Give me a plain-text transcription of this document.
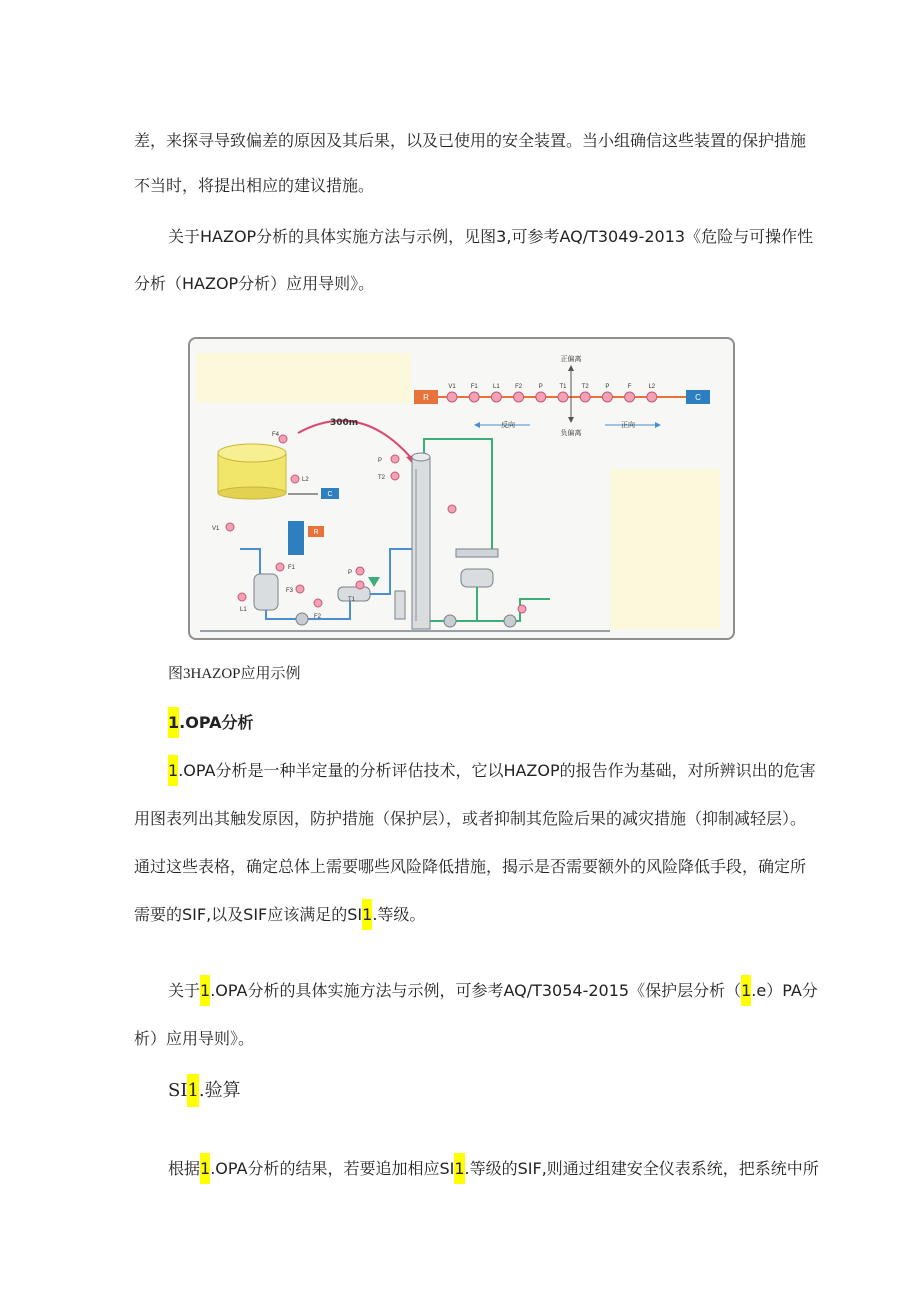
差，来探寻导致偏差的原因及其后果，以及已使用的安全装置。当小组确信这些装置的保护措施
不当时，将提出相应的建议措施。
关于HAZOP分析的具体实施方法与示例，见图3,可参考AQ/T3049-2013《危险与可操作性
分析（HAZOP分析）应用导则》。
R
V1	F1	L1	F2	P	T1	T2	P	F	L2
C
正偏离
负偏离
反向	正向
300m
F4
L2
C
P
T2
V1	R
F1
L1
F2
P
T1
F3
图3HAZOP应用示例
1.OPA分析
1.OPA分析是一种半定量的分析评估技术，它以HAZOP的报告作为基础，对所辨识出的危害
用图表列出其触发原因，防护措施（保护层），或者抑制其危险后果的减灾措施（抑制减轻层）。
通过这些表格，确定总体上需要哪些风险降低措施，揭示是否需要额外的风险降低手段，确定所
需要的SIF,以及SIF应该满足的SI1.等级。
关于1.OPA分析的具体实施方法与示例，可参考AQ/T3054-2015《保护层分析（1.e）PA分
析）应用导则》。
SI1.验算
根据1.OPA分析的结果，若要追加相应SI1.等级的SIF,则通过组建安全仪表系统，把系统中所
